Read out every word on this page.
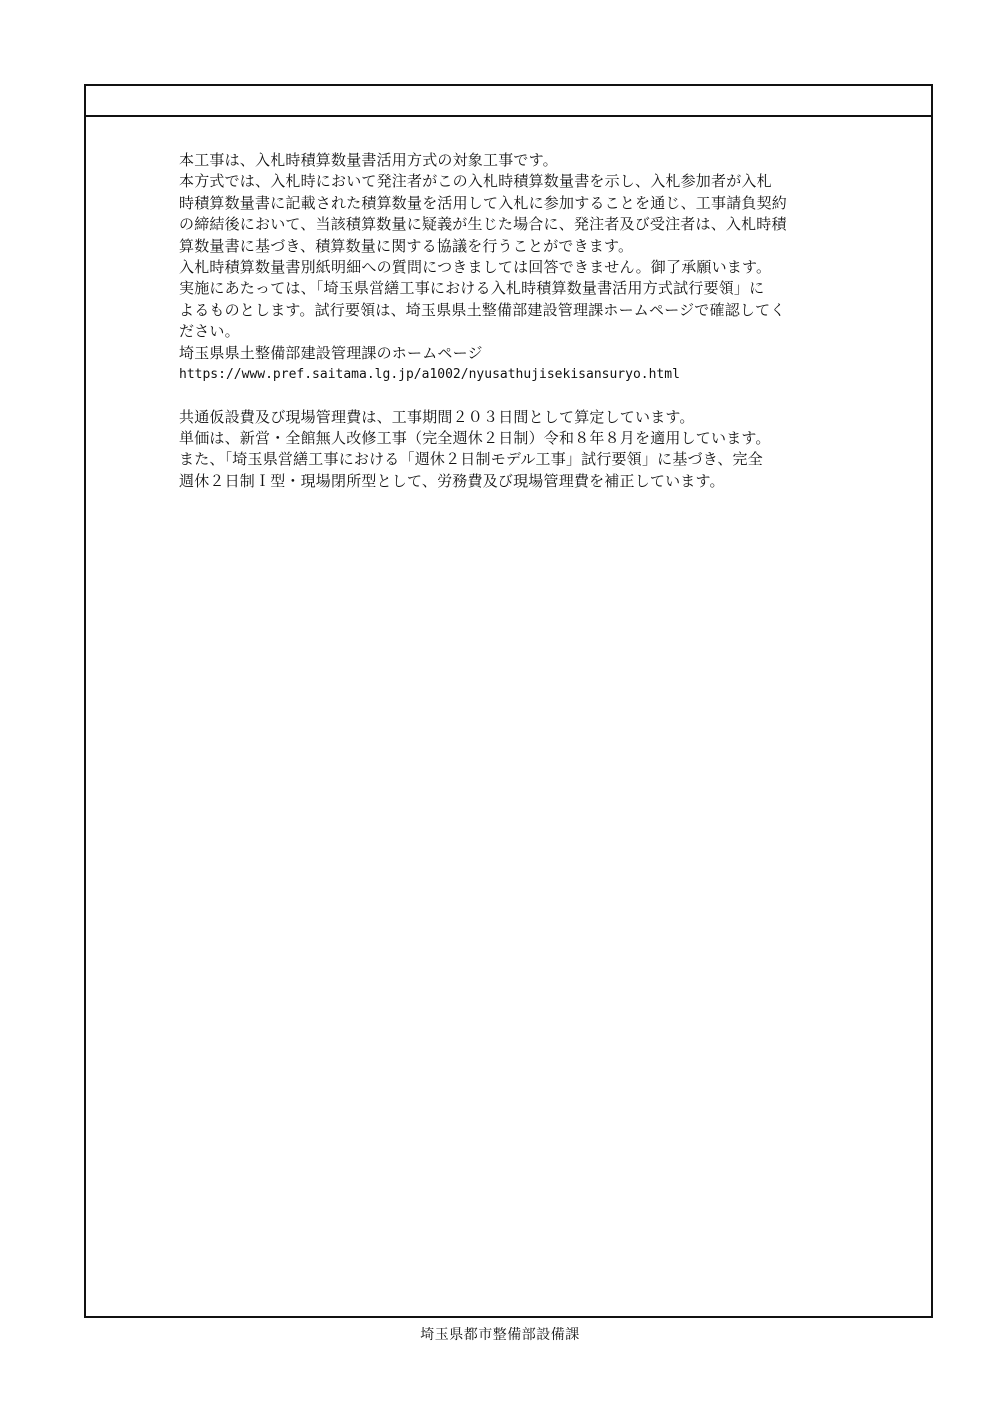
本工事は、入札時積算数量書活用方式の対象工事です。
本方式では、入札時において発注者がこの入札時積算数量書を示し、入札参加者が入札
時積算数量書に記載された積算数量を活用して入札に参加することを通じ、工事請負契約
の締結後において、当該積算数量に疑義が生じた場合に、発注者及び受注者は、入札時積
算数量書に基づき、積算数量に関する協議を行うことができます。
入札時積算数量書別紙明細への質問につきましては回答できません。御了承願います。
実施にあたっては、「埼玉県営繕工事における入札時積算数量書活用方式試行要領」に
よるものとします。試行要領は、埼玉県県土整備部建設管理課ホームページで確認してく
ださい。
埼玉県県土整備部建設管理課のホームページ
https://www.pref.saitama.lg.jp/a1002/nyusathujisekisansuryo.html
共通仮設費及び現場管理費は、工事期間２０３日間として算定しています。
単価は、新営・全館無人改修工事（完全週休２日制）令和８年８月を適用しています。
また、「埼玉県営繕工事における「週休２日制モデル工事」試行要領」に基づき、完全
週休２日制Ｉ型・現場閉所型として、労務費及び現場管理費を補正しています。
埼玉県都市整備部設備課
